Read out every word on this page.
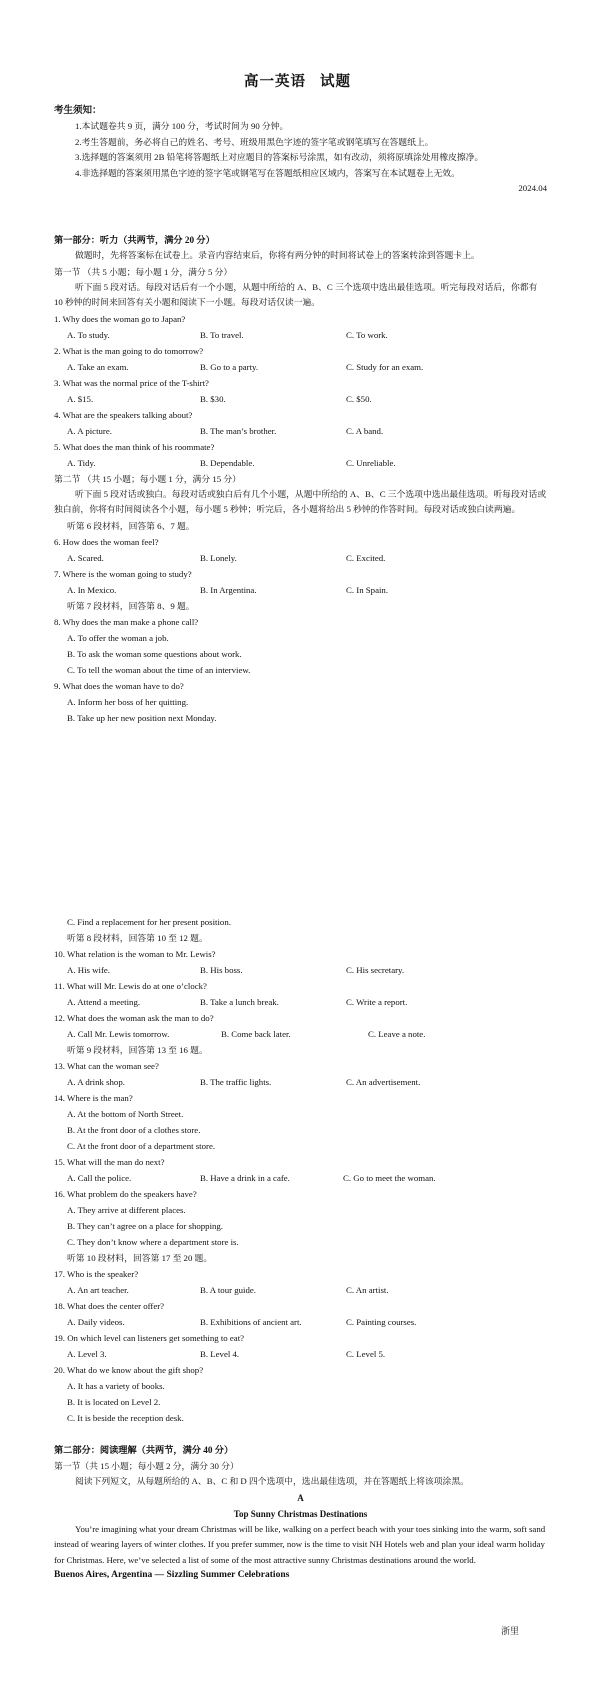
高一英语 试题
考生须知：

1.本试题卷共 9 页，满分 100 分，考试时间为 90 分钟。

2.考生答题前，务必将自己的姓名、考号、班级用黑色字迹的签字笔或钢笔填写在答题纸上。

3.选择题的答案须用 2B 铅笔将答题纸上对应题目的答案标号涂黑，如有改动，须将原填涂处用橡皮擦净。

4.非选择题的答案须用黑色字迹的签字笔或钢笔写在答题纸相应区域内，答案写在本试题卷上无效。

2024.04

第一部分：听力（共两节，满分 20 分）

做题时，先将答案标在试卷上。录音内容结束后，你将有两分钟的时间将试卷上的答案转涂到答题卡上。

第一节 （共 5 小题；每小题 1 分，满分 5 分）

听下面 5 段对话。每段对话后有一个小题，从题中所给的 A、B、C 三个选项中选出最佳选项。听完每段对话后，你都有 10 秒钟的时间来回答有关小题和阅读下一小题。每段对话仅读一遍。

1. Why does the woman go to Japan?

A. To study.	B. To travel.	C. To work.

2. What is the man going to do tomorrow?

A. Take an exam.	B. Go to a party.	C. Study for an exam.

3. What was the normal price of the T-shirt?

A. $15.	B. $30.	C. $50.

4. What are the speakers talking about?

A. A picture.	B. The man’s brother.	C. A band.

5. What does the man think of his roommate?

A. Tidy.	B. Dependable.	C. Unreliable.

第二节 （共 15 小题；每小题 1 分，满分 15 分）

听下面 5 段对话或独白。每段对话或独白后有几个小题，从题中所给的 A、B、C 三个选项中选出最佳选项。听每段对话或独白前，你将有时间阅读各个小题，每小题 5 秒钟；听完后，各小题将给出 5 秒钟的作答时间。每段对话或独白读两遍。

听第 6 段材料，回答第 6、7 题。

6. How does the woman feel?

A. Scared.	B. Lonely.	C. Excited.

7. Where is the woman going to study?

A. In Mexico.	B. In Argentina.	C. In Spain.

听第 7 段材料，回答第 8、9 题。

8. Why does the man make a phone call?

A. To offer the woman a job.

B. To ask the woman some questions about work.

C. To tell the woman about the time of an interview.

9. What does the woman have to do?

A. Inform her boss of her quitting.

B. Take up her new position next Monday.

C. Find a replacement for her present position.

听第 8 段材料，回答第 10 至 12 题。

10. What relation is the woman to Mr. Lewis?

A. His wife.	B. His boss.	C. His secretary.

11. What will Mr. Lewis do at one o’clock?

A. Attend a meeting.	B. Take a lunch break.	C. Write a report.

12. What does the woman ask the man to do?

A. Call Mr. Lewis tomorrow.	B. Come back later.	C. Leave a note.

听第 9 段材料，回答第 13 至 16 题。

13. What can the woman see?

A. A drink shop.	B. The traffic lights.	C. An advertisement.

14. Where is the man?

A. At the bottom of North Street.

B. At the front door of a clothes store.

C. At the front door of a department store.

15. What will the man do next?

A. Call the police.	B. Have a drink in a cafe.	C. Go to meet the woman.

16. What problem do the speakers have?

A. They arrive at different places.

B. They can’t agree on a place for shopping.

C. They don’t know where a department store is.

听第 10 段材料，回答第 17 至 20 题。

17. Who is the speaker?

A. An art teacher.	B. A tour guide.	C. An artist.

18. What does the center offer?

A. Daily videos.	B. Exhibitions of ancient art.	C. Painting courses.

19. On which level can listeners get something to eat?

A. Level 3.	B. Level 4.	C. Level 5.

20. What do we know about the gift shop?

A. It has a variety of books.

B. It is located on Level 2.

C. It is beside the reception desk.

第二部分：阅读理解（共两节，满分 40 分）

第一节（共 15 小题；每小题 2 分，满分 30 分）

阅读下列短文，从每题所给的 A、B、C 和 D 四个选项中，选出最佳选项，并在答题纸上将该项涂黑。

A
Top Sunny Christmas Destinations

You’re imagining what your dream Christmas will be like, walking on a perfect beach with your toes sinking into the warm, soft sand instead of wearing layers of winter clothes. If you prefer summer, now is the time to visit NH Hotels web and plan your ideal warm holiday for Christmas. Here, we’ve selected a list of some of the most attractive sunny Christmas destinations around the world.

Buenos Aires, Argentina — Sizzling Summer Celebrations
浙里
